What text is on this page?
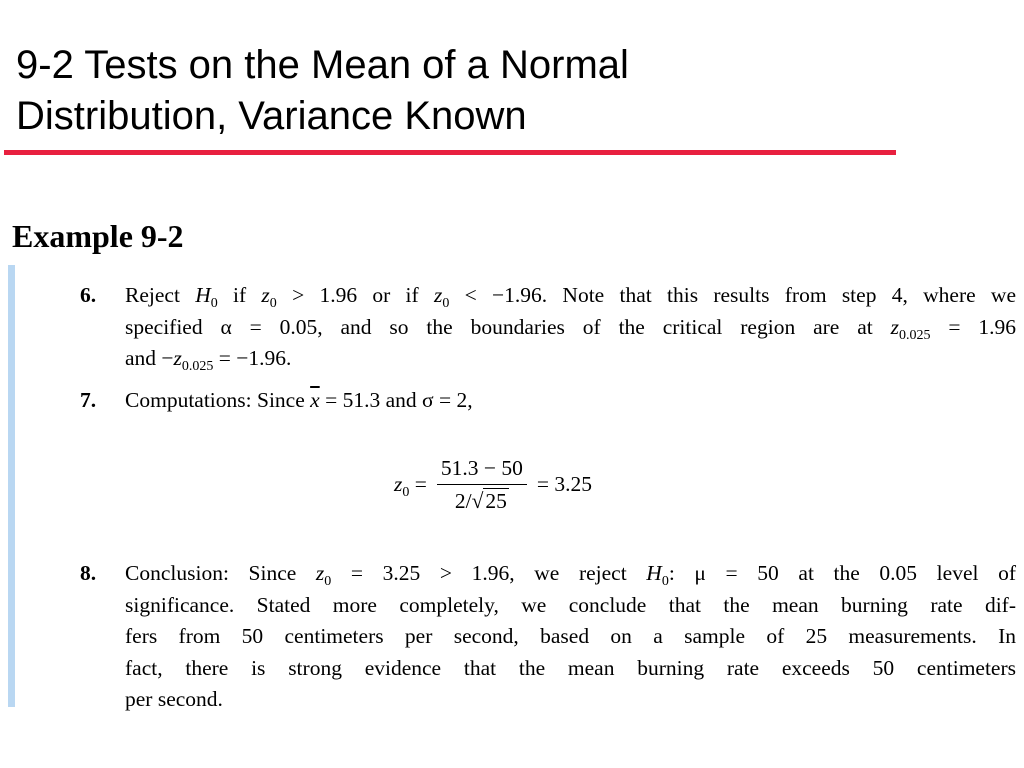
9-2 Tests on the Mean of a Normal
Distribution, Variance Known
Example 9-2
6. Reject $H_0$ if $z_0 > 1.96$ or if $z_0 < -1.96$. Note that this results from step 4, where we
specified α = 0.05, and so the boundaries of the critical region are at $z_{0.025} = 1.96$
and $-z_{0.025} = -1.96$.
7. Computations: Since $\overline{x} = 51.3$ and σ = 2,
$z_0 = \frac{51.3 - 50}{2/√25} = 3.25$
8. Conclusion: Since $z_0 = 3.25 > 1.96$, we reject $H_0$: μ = 50 at the 0.05 level of
significance. Stated more completely, we conclude that the mean burning rate dif-
fers from 50 centimeters per second, based on a sample of 25 measurements. In
fact, there is strong evidence that the mean burning rate exceeds 50 centimeters
per second.
